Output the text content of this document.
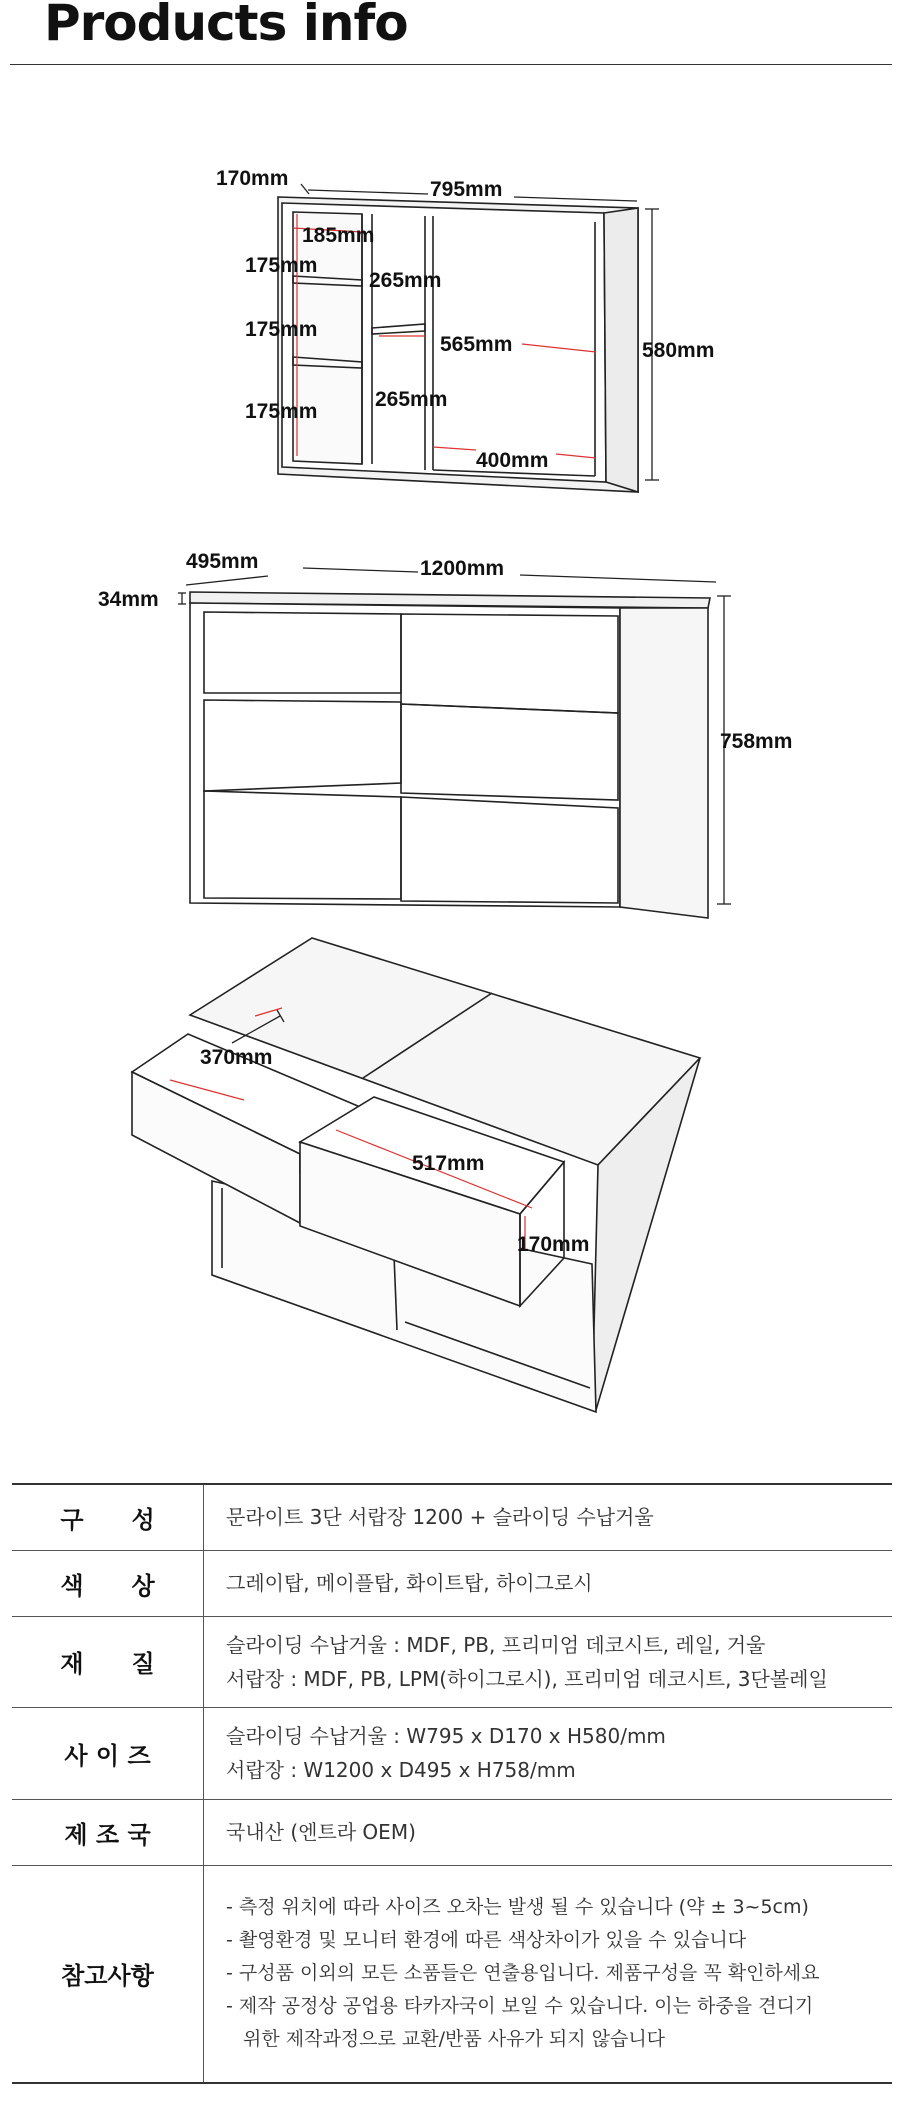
Products info
170mm	795mm
185mm
175mm
175mm
175mm
265mm
265mm
565mm
400mm
580mm
495mm	1200mm
34mm
758mm
370mm
517mm
170mm
구　　성	문라이트 3단 서랍장 1200 + 슬라이딩 수납거울

색　　상	그레이탑, 메이플탑, 화이트탑, 하이그로시

재　　질	슬라이딩 수납거울 : MDF, PB, 프리미엄 데코시트, 레일, 거울
서랍장 : MDF, PB, LPM(하이그로시), 프리미엄 데코시트, 3단볼레일

사 이 즈	슬라이딩 수납거울 : W795 x D170 x H580/mm
서랍장 : W1200 x D495 x H758/mm

제 조 국	국내산 (엔트라 OEM)

참고사항	- 측정 위치에 따라 사이즈 오차는 발생 될 수 있습니다 (약 ± 3~5cm)
- 촬영환경 및 모니터 환경에 따른 색상차이가 있을 수 있습니다
- 구성품 이외의 모든 소품들은 연출용입니다. 제품구성을 꼭 확인하세요
- 제작 공정상 공업용 타카자국이 보일 수 있습니다. 이는 하중을 견디기
위한 제작과정으로 교환/반품 사유가 되지 않습니다
